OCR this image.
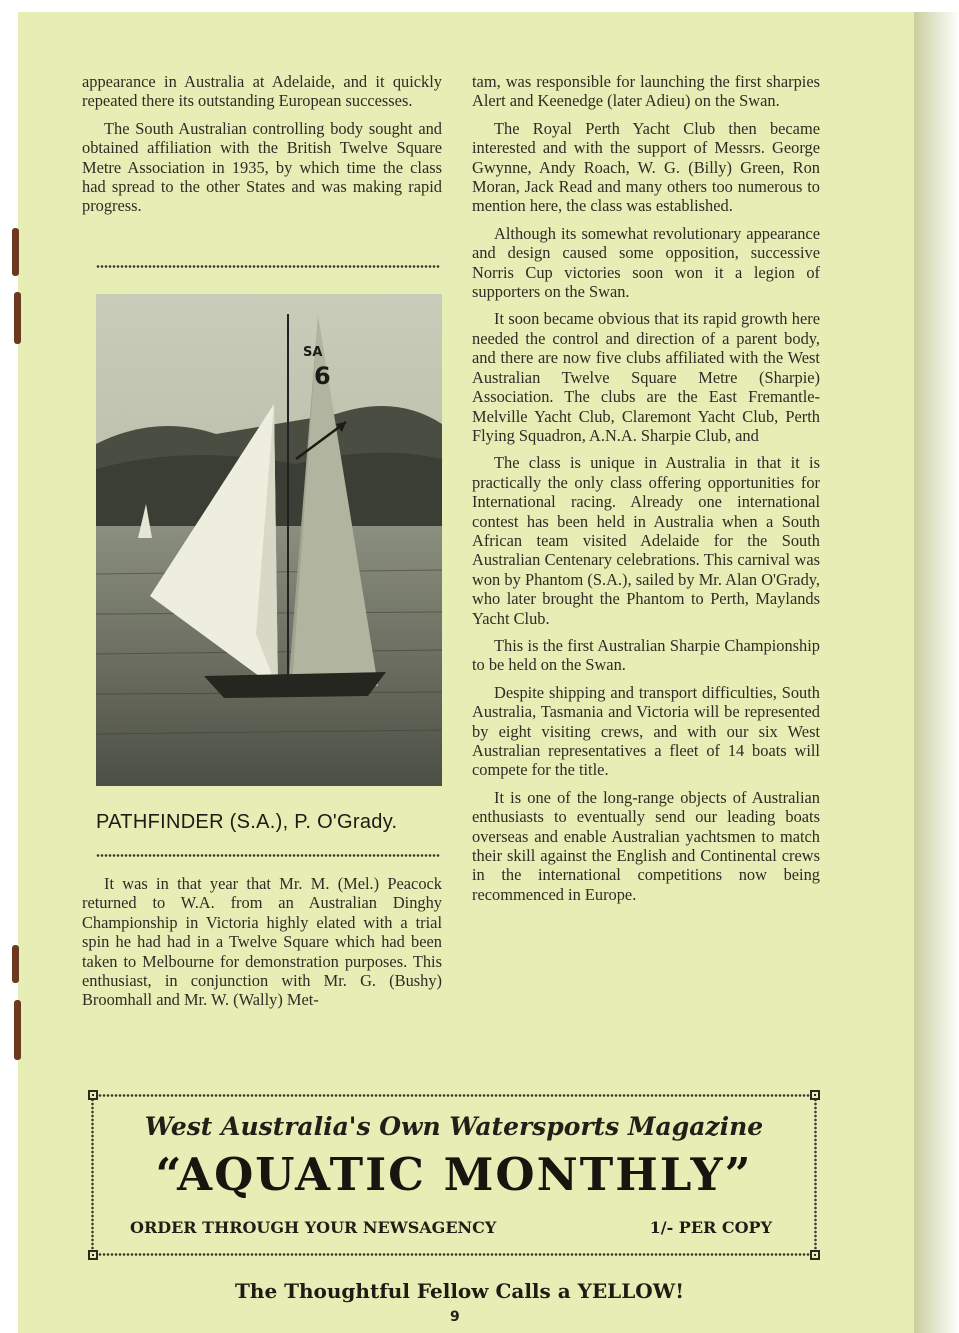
appearance in Australia at Adelaide, and it quickly repeated there its outstanding European successes.

The South Australian controlling body sought and obtained affiliation with the British Twelve Square Metre Association in 1935, by which time the class had spread to the other States and was making rapid progress.

SA
6
PATHFINDER (S.A.), P. O'Grady.

It was in that year that Mr. M. (Mel.) Peacock returned to W.A. from an Australian Dinghy Championship in Victoria highly elated with a trial spin he had had in a Twelve Square which had been taken to Melbourne for demonstration purposes. This enthusiast, in conjunction with Mr. G. (Bushy) Broomhall and Mr. W. (Wally) Met-

tam, was responsible for launching the first sharpies Alert and Keenedge (later Adieu) on the Swan.

The Royal Perth Yacht Club then became interested and with the support of Messrs. George Gwynne, Andy Roach, W. G. (Billy) Green, Ron Moran, Jack Read and many others too numerous to mention here, the class was established.

Although its somewhat revolutionary appearance and design caused some opposition, successive Norris Cup victories soon won it a legion of supporters on the Swan.

It soon became obvious that its rapid growth here needed the control and direction of a parent body, and there are now five clubs affiliated with the West Australian Twelve Square Metre (Sharpie) Association. The clubs are the East Fremantle-Melville Yacht Club, Claremont Yacht Club, Perth Flying Squadron, A.N.A. Sharpie Club, and

The class is unique in Australia in that it is practically the only class offering opportunities for International racing. Already one international contest has been held in Australia when a South African team visited Adelaide for the South Australian Centenary celebrations. This carnival was won by Phantom (S.A.), sailed by Mr. Alan O'Grady, who later brought the Phantom to Perth, Maylands Yacht Club.

This is the first Australian Sharpie Championship to be held on the Swan.

Despite shipping and transport difficulties, South Australia, Tasmania and Victoria will be represented by eight visiting crews, and with our six West Australian representatives a fleet of 14 boats will compete for the title.

It is one of the long-range objects of Australian enthusiasts to eventually send our leading boats overseas and enable Australian yachtsmen to match their skill against the English and Continental crews in the international competitions now being recommenced in Europe.

West Australia's Own Watersports Magazine
“AQUATIC MONTHLY”
ORDER THROUGH YOUR NEWSAGENCY	1/- PER COPY
The Thoughtful Fellow Calls a YELLOW!
9
